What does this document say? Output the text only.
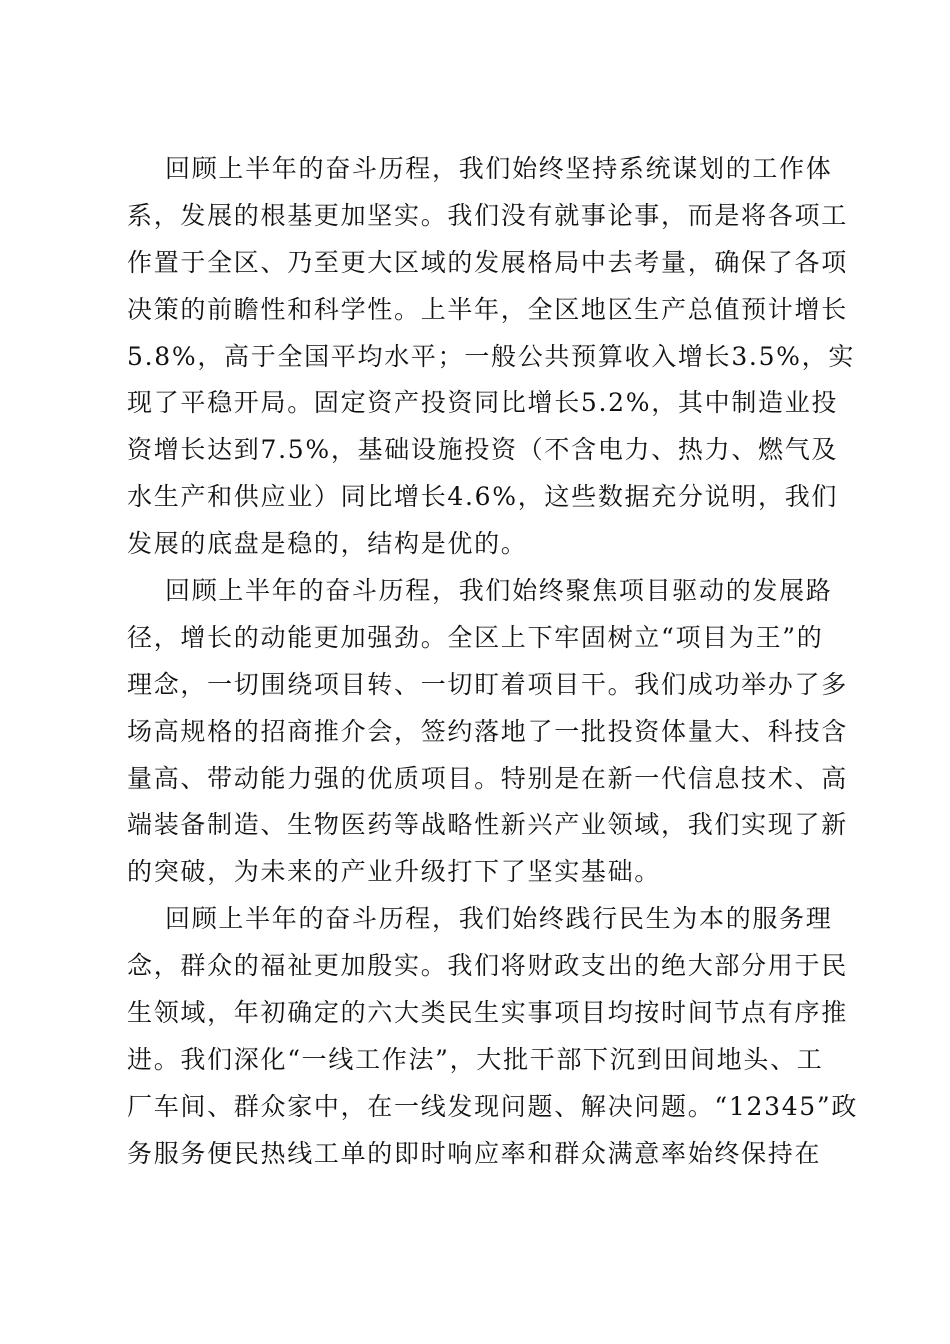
回顾上半年的奋斗历程，我们始终坚持系统谋划的工作体
系，发展的根基更加坚实。我们没有就事论事，而是将各项工
作置于全区、乃至更大区域的发展格局中去考量，确保了各项
决策的前瞻性和科学性。上半年，全区地区生产总值预计增长
5.8%，高于全国平均水平；一般公共预算收入增长3.5%，实
现了平稳开局。固定资产投资同比增长5.2%，其中制造业投
资增长达到7.5%，基础设施投资（不含电力、热力、燃气及
水生产和供应业）同比增长4.6%，这些数据充分说明，我们
发展的底盘是稳的，结构是优的。
回顾上半年的奋斗历程，我们始终聚焦项目驱动的发展路
径，增长的动能更加强劲。全区上下牢固树立“项目为王”的
理念，一切围绕项目转、一切盯着项目干。我们成功举办了多
场高规格的招商推介会，签约落地了一批投资体量大、科技含
量高、带动能力强的优质项目。特别是在新一代信息技术、高
端装备制造、生物医药等战略性新兴产业领域，我们实现了新
的突破，为未来的产业升级打下了坚实基础。
回顾上半年的奋斗历程，我们始终践行民生为本的服务理
念，群众的福祉更加殷实。我们将财政支出的绝大部分用于民
生领域，年初确定的六大类民生实事项目均按时间节点有序推
进。我们深化“一线工作法”，大批干部下沉到田间地头、工
厂车间、群众家中，在一线发现问题、解决问题。“12345”政
务服务便民热线工单的即时响应率和群众满意率始终保持在
